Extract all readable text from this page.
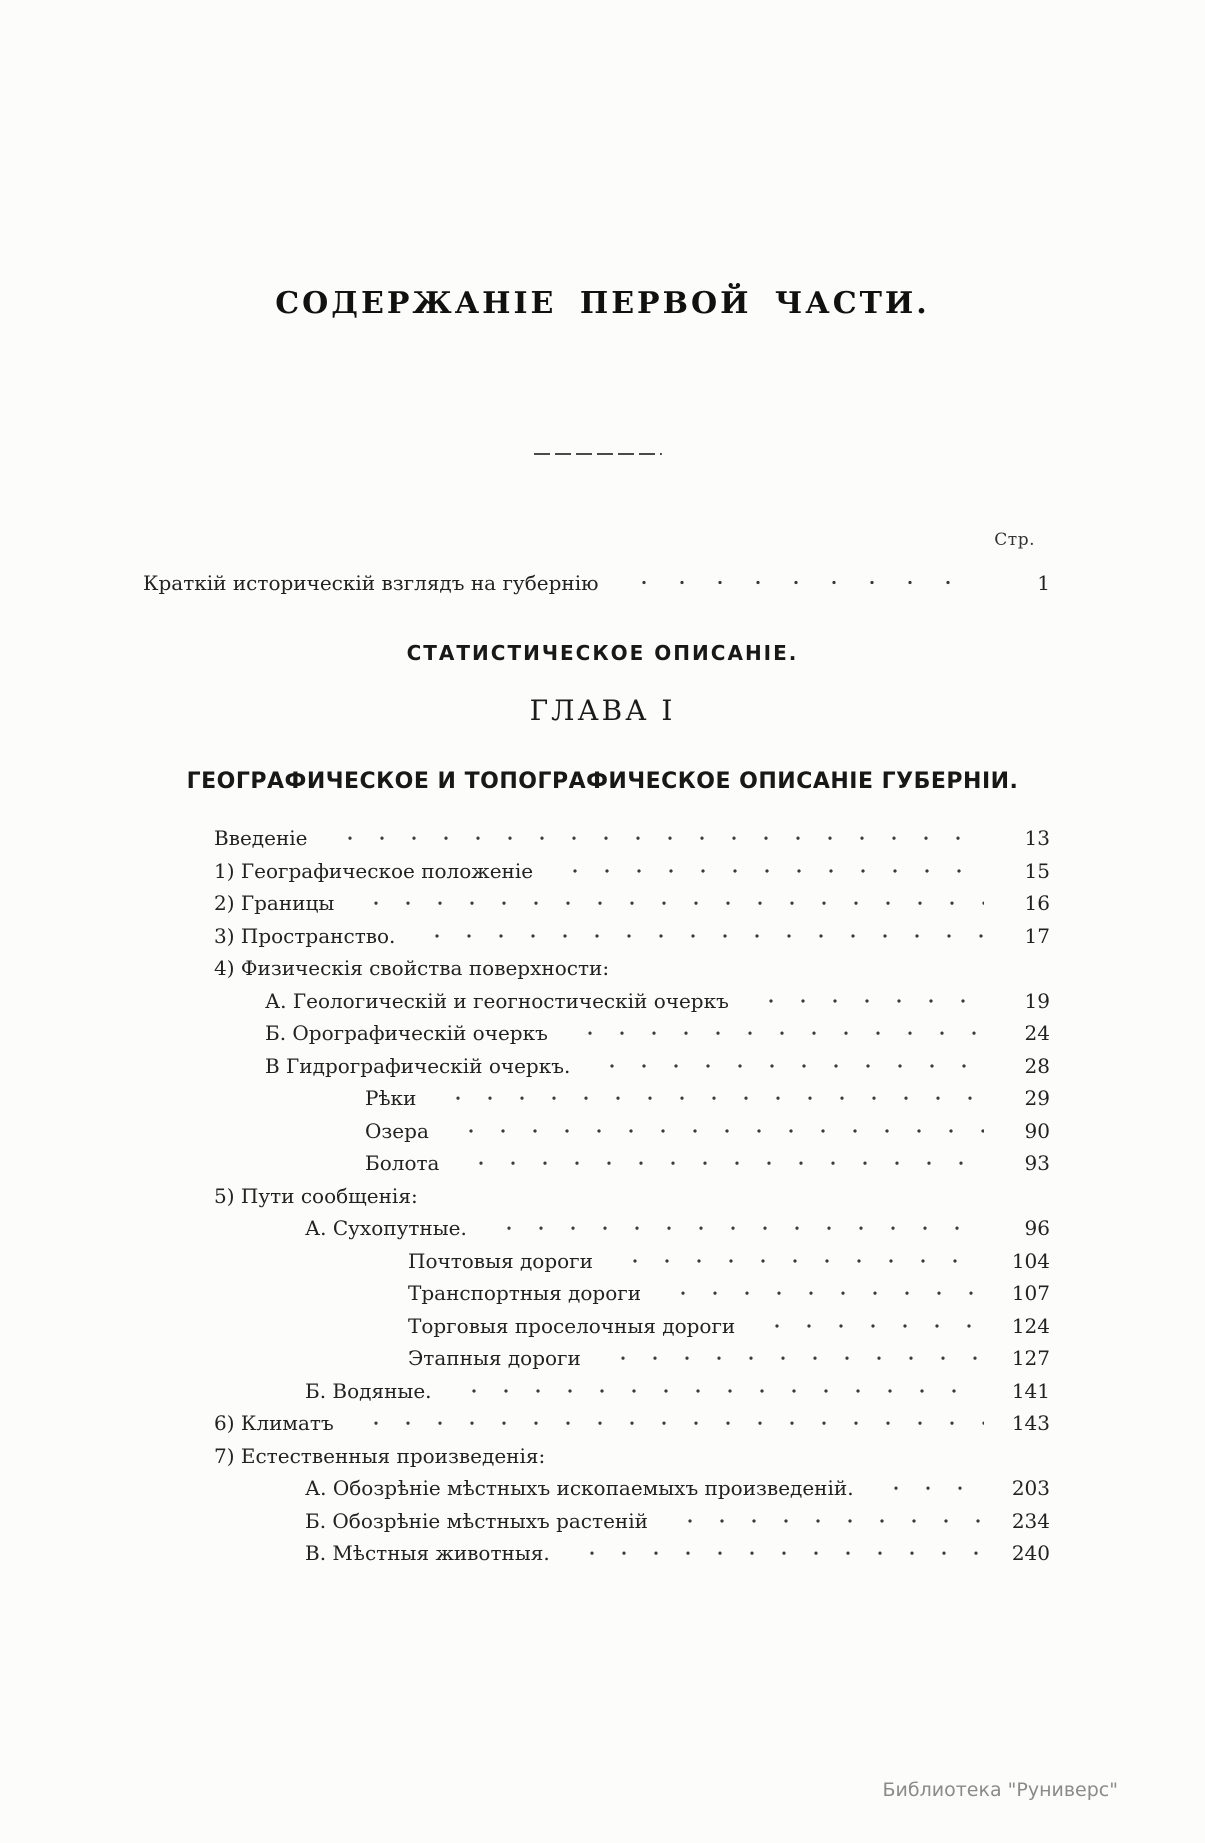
СОДЕРЖАНІЕ ПЕРВОЙ ЧАСТИ.
Стр.
Краткій историческій взглядъ на губернію	1
СТАТИСТИЧЕСКОЕ ОПИСАНІЕ.
ГЛАВА I
ГЕОГРАФИЧЕСКОЕ И ТОПОГРАФИЧЕСКОЕ ОПИСАНІЕ ГУБЕРНІИ.
Введеніе	13
1) Географическое положеніе	15
2) Границы	16
3) Пространство.	17
4) Физическія свойства поверхности:
А. Геологическій и геогностическій очеркъ	19
Б. Орографическій очеркъ	24
В Гидрографическій очеркъ.	28
Рѣки	29
Озера	90
Болота	93
5) Пути сообщенія:
А. Сухопутные.	96
Почтовыя дороги	104
Транспортныя дороги	107
Торговыя проселочныя дороги	124
Этапныя дороги	127
Б. Водяные.	141
6) Климатъ	143
7) Естественныя произведенія:
А. Обозрѣніе мѣстныхъ ископаемыхъ произведеній.	203
Б. Обозрѣніе мѣстныхъ растеній	234
В. Мѣстныя животныя.	240
Библиотека "Руниверс"
